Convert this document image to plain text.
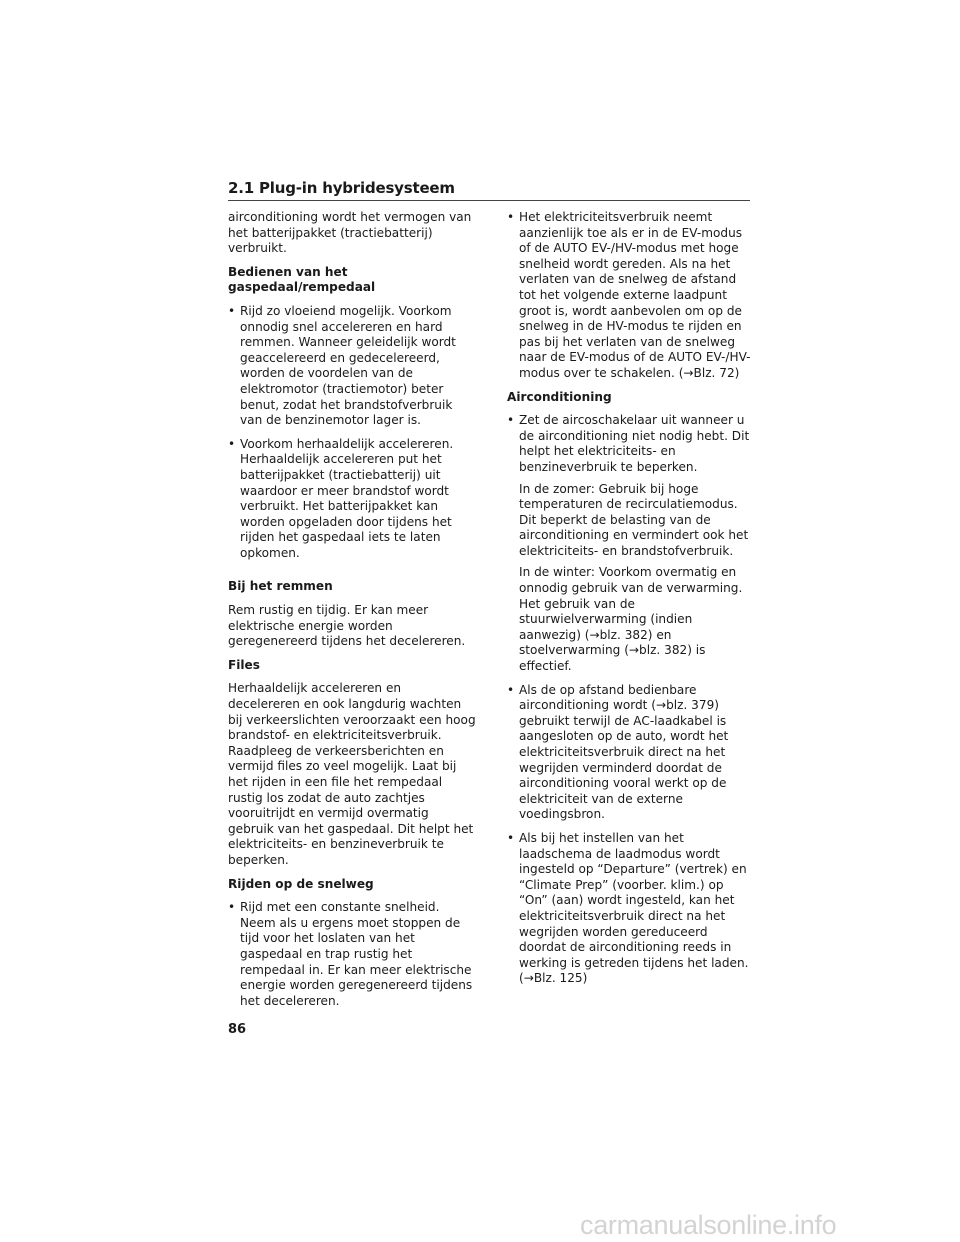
2.1 Plug-in hybridesysteem

airconditioning wordt het vermogen van het batterijpakket (tractiebatterij) verbruikt.

Bedienen van het gaspedaal/rempedaal
• Rijd zo vloeiend mogelijk. Voorkom onnodig snel accelereren en hard remmen. Wanneer geleidelijk wordt geaccelereerd en gedecelereerd, worden de voordelen van de elektromotor (tractiemotor) beter benut, zodat het brandstofverbruik van de benzinemotor lager is.

• Voorkom herhaaldelijk accelereren. Herhaaldelijk accelereren put het batterijpakket (tractiebatterij) uit waardoor er meer brandstof wordt verbruikt. Het batterijpakket kan worden opgeladen door tijdens het rijden het gaspedaal iets te laten opkomen.

Bij het remmen

Rem rustig en tijdig. Er kan meer elektrische energie worden geregenereerd tijdens het decelereren.

Files

Herhaaldelijk accelereren en decelereren en ook langdurig wachten bij verkeerslichten veroorzaakt een hoog brandstof- en elektriciteitsverbruik. Raadpleeg de verkeersberichten en vermijd files zo veel mogelijk. Laat bij het rijden in een file het rempedaal rustig los zodat de auto zachtjes vooruitrijdt en vermijd overmatig gebruik van het gaspedaal. Dit helpt het elektriciteits- en benzineverbruik te beperken.

Rijden op de snelweg
• Rijd met een constante snelheid. Neem als u ergens moet stoppen de tijd voor het loslaten van het gaspedaal en trap rustig het rempedaal in. Er kan meer elektrische energie worden geregenereerd tijdens het decelereren.

• Het elektriciteitsverbruik neemt aanzienlijk toe als er in de EV-modus of de AUTO EV-/HV-modus met hoge snelheid wordt gereden. Als na het verlaten van de snelweg de afstand tot het volgende externe laadpunt groot is, wordt aanbevolen om op de snelweg in de HV-modus te rijden en pas bij het verlaten van de snelweg naar de EV-modus of de AUTO EV-/HV-modus over te schakelen. (→Blz. 72)

Airconditioning
• Zet de aircoschakelaar uit wanneer u de airconditioning niet nodig hebt. Dit helpt het elektriciteits- en benzineverbruik te beperken.

In de zomer: Gebruik bij hoge temperaturen de recirculatiemodus. Dit beperkt de belasting van de airconditioning en vermindert ook het elektriciteits- en brandstofverbruik.

In de winter: Voorkom overmatig en onnodig gebruik van de verwarming. Het gebruik van de stuurwielverwarming (indien aanwezig) (→blz. 382) en stoelverwarming (→blz. 382) is effectief.

• Als de op afstand bedienbare airconditioning wordt (→blz. 379) gebruikt terwijl de AC-laadkabel is aangesloten op de auto, wordt het elektriciteitsverbruik direct na het wegrijden verminderd doordat de airconditioning vooral werkt op de elektriciteit van de externe voedingsbron.

• Als bij het instellen van het laadschema de laadmodus wordt ingesteld op “Departure” (vertrek) en “Climate Prep” (voorber. klim.) op “On” (aan) wordt ingesteld, kan het elektriciteitsverbruik direct na het wegrijden worden gereduceerd doordat de airconditioning reeds in werking is getreden tijdens het laden. (→Blz. 125)

86
carmanualsonline.info
